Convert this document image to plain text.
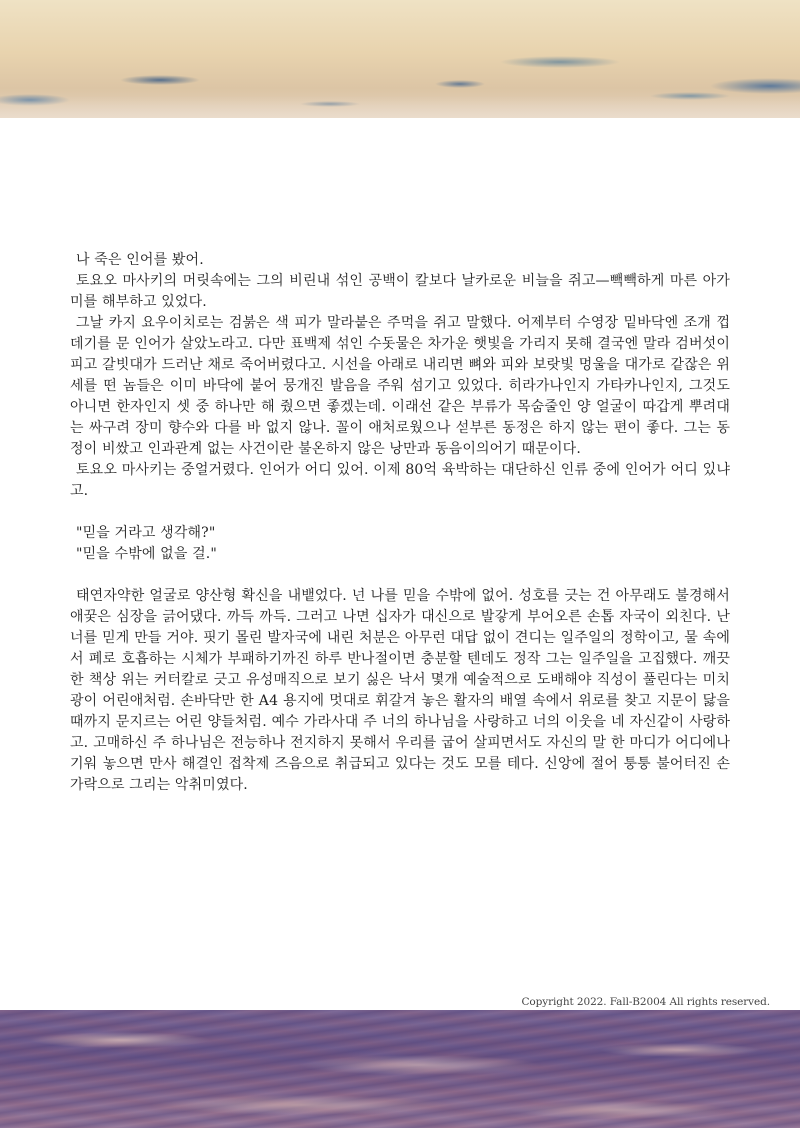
나 죽은 인어를 봤어.

토요오 마사키의 머릿속에는 그의 비린내 섞인 공백이 칼보다 날카로운 비늘을 쥐고—빽빽하게 마른 아가미를 해부하고 있었다.

그날 카지 요우이치로는 검붉은 색 피가 말라붙은 주먹을 쥐고 말했다. 어제부터 수영장 밑바닥엔 조개 껍데기를 문 인어가 살았노라고. 다만 표백제 섞인 수돗물은 차가운 햇빛을 가리지 못해 결국엔 말라 검버섯이 피고 갈빗대가 드러난 채로 죽어버렸다고. 시선을 아래로 내리면 뼈와 피와 보랏빛 멍울을 대가로 같잖은 위세를 떤 놈들은 이미 바닥에 붙어 뭉개진 발음을 주워 섬기고 있었다. 히라가나인지 가타카나인지, 그것도 아니면 한자인지 셋 중 하나만 해 줬으면 좋겠는데. 이래선 같은 부류가 목숨줄인 양 얼굴이 따갑게 뿌려대는 싸구려 장미 향수와 다를 바 없지 않나. 꼴이 애처로웠으나 섣부른 동정은 하지 않는 편이 좋다. 그는 동정이 비쌌고 인과관계 없는 사건이란 불온하지 않은 낭만과 동음이의어기 때문이다.

토요오 마사키는 중얼거렸다. 인어가 어디 있어. 이제 80억 육박하는 대단하신 인류 중에 인어가 어디 있냐고.

"믿을 거라고 생각해?"

"믿을 수밖에 없을 걸."

태연자약한 얼굴로 양산형 확신을 내뱉었다. 넌 나를 믿을 수밖에 없어. 성호를 긋는 건 아무래도 불경해서 애꿎은 심장을 긁어댔다. 까득 까득. 그러고 나면 십자가 대신으로 발갛게 부어오른 손톱 자국이 외친다. 난 너를 믿게 만들 거야. 핏기 몰린 발자국에 내린 처분은 아무런 대답 없이 견디는 일주일의 정학이고, 물 속에서 폐로 호흡하는 시체가 부패하기까진 하루 반나절이면 충분할 텐데도 정작 그는 일주일을 고집했다. 깨끗한 책상 위는 커터칼로 긋고 유성매직으로 보기 싫은 낙서 몇개 예술적으로 도배해야 직성이 풀린다는 미치광이 어린애처럼. 손바닥만 한 A4 용지에 멋대로 휘갈겨 놓은 활자의 배열 속에서 위로를 찾고 지문이 닳을 때까지 문지르는 어린 양들처럼. 예수 가라사대 주 너의 하나님을 사랑하고 너의 이웃을 네 자신같이 사랑하고. 고매하신 주 하나님은 전능하나 전지하지 못해서 우리를 굽어 살피면서도 자신의 말 한 마디가 어디에나 기워 놓으면 만사 해결인 접착제 즈음으로 취급되고 있다는 것도 모를 테다. 신앙에 절어 퉁퉁 불어터진 손가락으로 그리는 악취미였다.

Copyright 2022. Fall-B2004 All rights reserved.
